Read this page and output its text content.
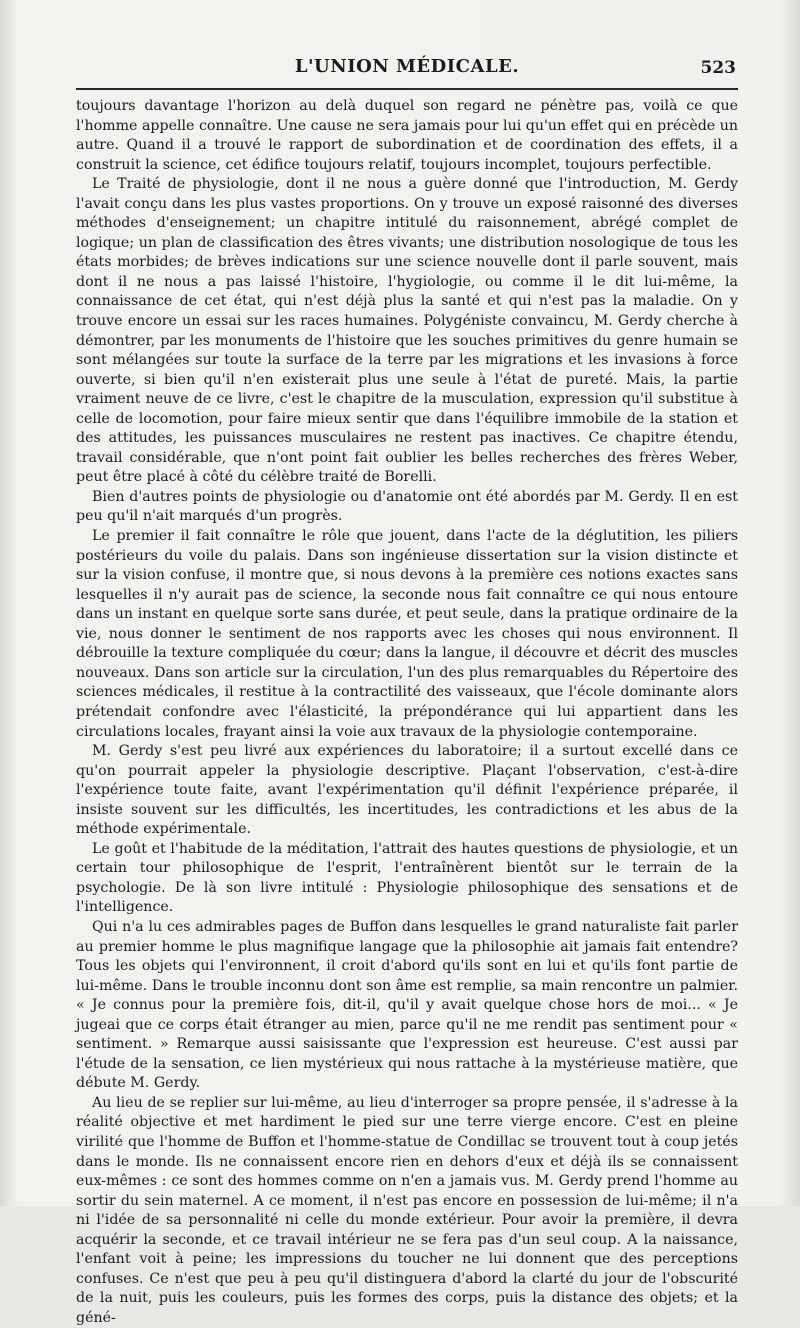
L'UNION MÉDICALE.	523

toujours davantage l'horizon au delà duquel son regard ne pénètre pas, voilà ce que l'homme appelle connaître. Une cause ne sera jamais pour lui qu'un effet qui en précède un autre. Quand il a trouvé le rapport de subordination et de coordination des effets, il a construit la science, cet édifice toujours relatif, toujours incomplet, toujours perfectible.

Le Traité de physiologie, dont il ne nous a guère donné que l'introduction, M. Gerdy l'avait conçu dans les plus vastes proportions. On y trouve un exposé raisonné des diverses méthodes d'enseignement; un chapitre intitulé du raisonnement, abrégé complet de logique; un plan de classification des êtres vivants; une distribution nosologique de tous les états morbides; de brèves indications sur une science nouvelle dont il parle souvent, mais dont il ne nous a pas laissé l'histoire, l'hygiologie, ou comme il le dit lui-même, la connaissance de cet état, qui n'est déjà plus la santé et qui n'est pas la maladie. On y trouve encore un essai sur les races humaines. Polygéniste convaincu, M. Gerdy cherche à démontrer, par les monuments de l'histoire que les souches primitives du genre humain se sont mélangées sur toute la surface de la terre par les migrations et les invasions à force ouverte, si bien qu'il n'en existerait plus une seule à l'état de pureté. Mais, la partie vraiment neuve de ce livre, c'est le chapitre de la musculation, expression qu'il substitue à celle de locomotion, pour faire mieux sentir que dans l'équilibre immobile de la station et des attitudes, les puissances musculaires ne restent pas inactives. Ce chapitre étendu, travail considérable, que n'ont point fait oublier les belles recherches des frères Weber, peut être placé à côté du célèbre traité de Borelli.

Bien d'autres points de physiologie ou d'anatomie ont été abordés par M. Gerdy. Il en est peu qu'il n'ait marqués d'un progrès.

Le premier il fait connaître le rôle que jouent, dans l'acte de la déglutition, les piliers postérieurs du voile du palais. Dans son ingénieuse dissertation sur la vision distincte et sur la vision confuse, il montre que, si nous devons à la première ces notions exactes sans lesquelles il n'y aurait pas de science, la seconde nous fait connaître ce qui nous entoure dans un instant en quelque sorte sans durée, et peut seule, dans la pratique ordinaire de la vie, nous donner le sentiment de nos rapports avec les choses qui nous environnent. Il débrouille la texture compliquée du cœur; dans la langue, il découvre et décrit des muscles nouveaux. Dans son article sur la circulation, l'un des plus remarquables du Répertoire des sciences médicales, il restitue à la contractilité des vaisseaux, que l'école dominante alors prétendait confondre avec l'élasticité, la prépondérance qui lui appartient dans les circulations locales, frayant ainsi la voie aux travaux de la physiologie contemporaine.

M. Gerdy s'est peu livré aux expériences du laboratoire; il a surtout excellé dans ce qu'on pourrait appeler la physiologie descriptive. Plaçant l'observation, c'est-à-dire l'expérience toute faite, avant l'expérimentation qu'il définit l'expérience préparée, il insiste souvent sur les difficultés, les incertitudes, les contradictions et les abus de la méthode expérimentale.

Le goût et l'habitude de la méditation, l'attrait des hautes questions de physiologie, et un certain tour philosophique de l'esprit, l'entraînèrent bientôt sur le terrain de la psychologie. De là son livre intitulé : Physiologie philosophique des sensations et de l'intelligence.

Qui n'a lu ces admirables pages de Buffon dans lesquelles le grand naturaliste fait parler au premier homme le plus magnifique langage que la philosophie ait jamais fait entendre? Tous les objets qui l'environnent, il croit d'abord qu'ils sont en lui et qu'ils font partie de lui-même. Dans le trouble inconnu dont son âme est remplie, sa main rencontre un palmier. « Je connus pour la première fois, dit-il, qu'il y avait quelque chose hors de moi... « Je jugeai que ce corps était étranger au mien, parce qu'il ne me rendit pas sentiment pour « sentiment. » Remarque aussi saisissante que l'expression est heureuse. C'est aussi par l'étude de la sensation, ce lien mystérieux qui nous rattache à la mystérieuse matière, que débute M. Gerdy.

Au lieu de se replier sur lui-même, au lieu d'interroger sa propre pensée, il s'adresse à la réalité objective et met hardiment le pied sur une terre vierge encore. C'est en pleine virilité que l'homme de Buffon et l'homme-statue de Condillac se trouvent tout à coup jetés dans le monde. Ils ne connaissent encore rien en dehors d'eux et déjà ils se connaissent eux-mêmes : ce sont des hommes comme on n'en a jamais vus. M. Gerdy prend l'homme au sortir du sein maternel. A ce moment, il n'est pas encore en possession de lui-même; il n'a ni l'idée de sa personnalité ni celle du monde extérieur. Pour avoir la première, il devra acquérir la seconde, et ce travail intérieur ne se fera pas d'un seul coup. A la naissance, l'enfant voit à peine; les impressions du toucher ne lui donnent que des perceptions confuses. Ce n'est que peu à peu qu'il distinguera d'abord la clarté du jour de l'obscurité de la nuit, puis les couleurs, puis les formes des corps, puis la distance des objets; et la géné-
